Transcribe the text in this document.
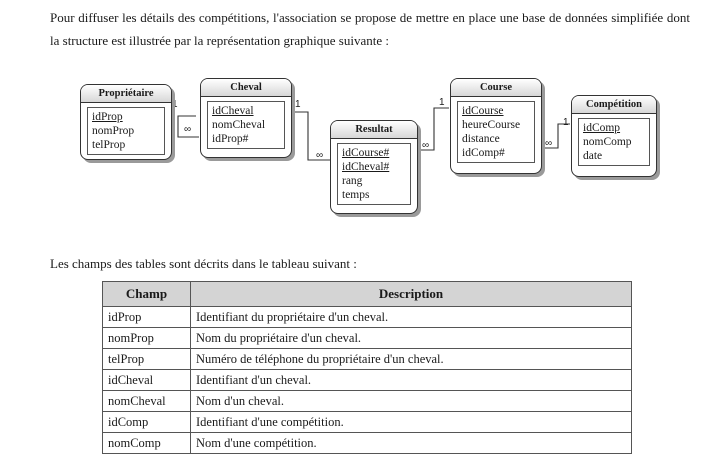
Pour diffuser les détails des compétitions, l'association se propose de mettre en place une base de données simplifiée dont la structure est illustrée par la représentation graphique suivante :
1
∞
1
∞
1
∞
1
∞
Propriétaire
idProp
nomProp
telProp
Cheval
idCheval
nomCheval
idProp#
Resultat
idCourse#
idCheval#
rang
temps
Course
idCourse
heureCourse
distance
idComp#
Compétition
idComp
nomComp
date
Les champs des tables sont décrits dans le tableau suivant :
Champ	Description
idProp	Identifiant du propriétaire d'un cheval.
nomProp	Nom du propriétaire d'un cheval.
telProp	Numéro de téléphone du propriétaire d'un cheval.
idCheval	Identifiant d'un cheval.
nomCheval	Nom d'un cheval.
idComp	Identifiant d'une compétition.
nomComp	Nom d'une compétition.
